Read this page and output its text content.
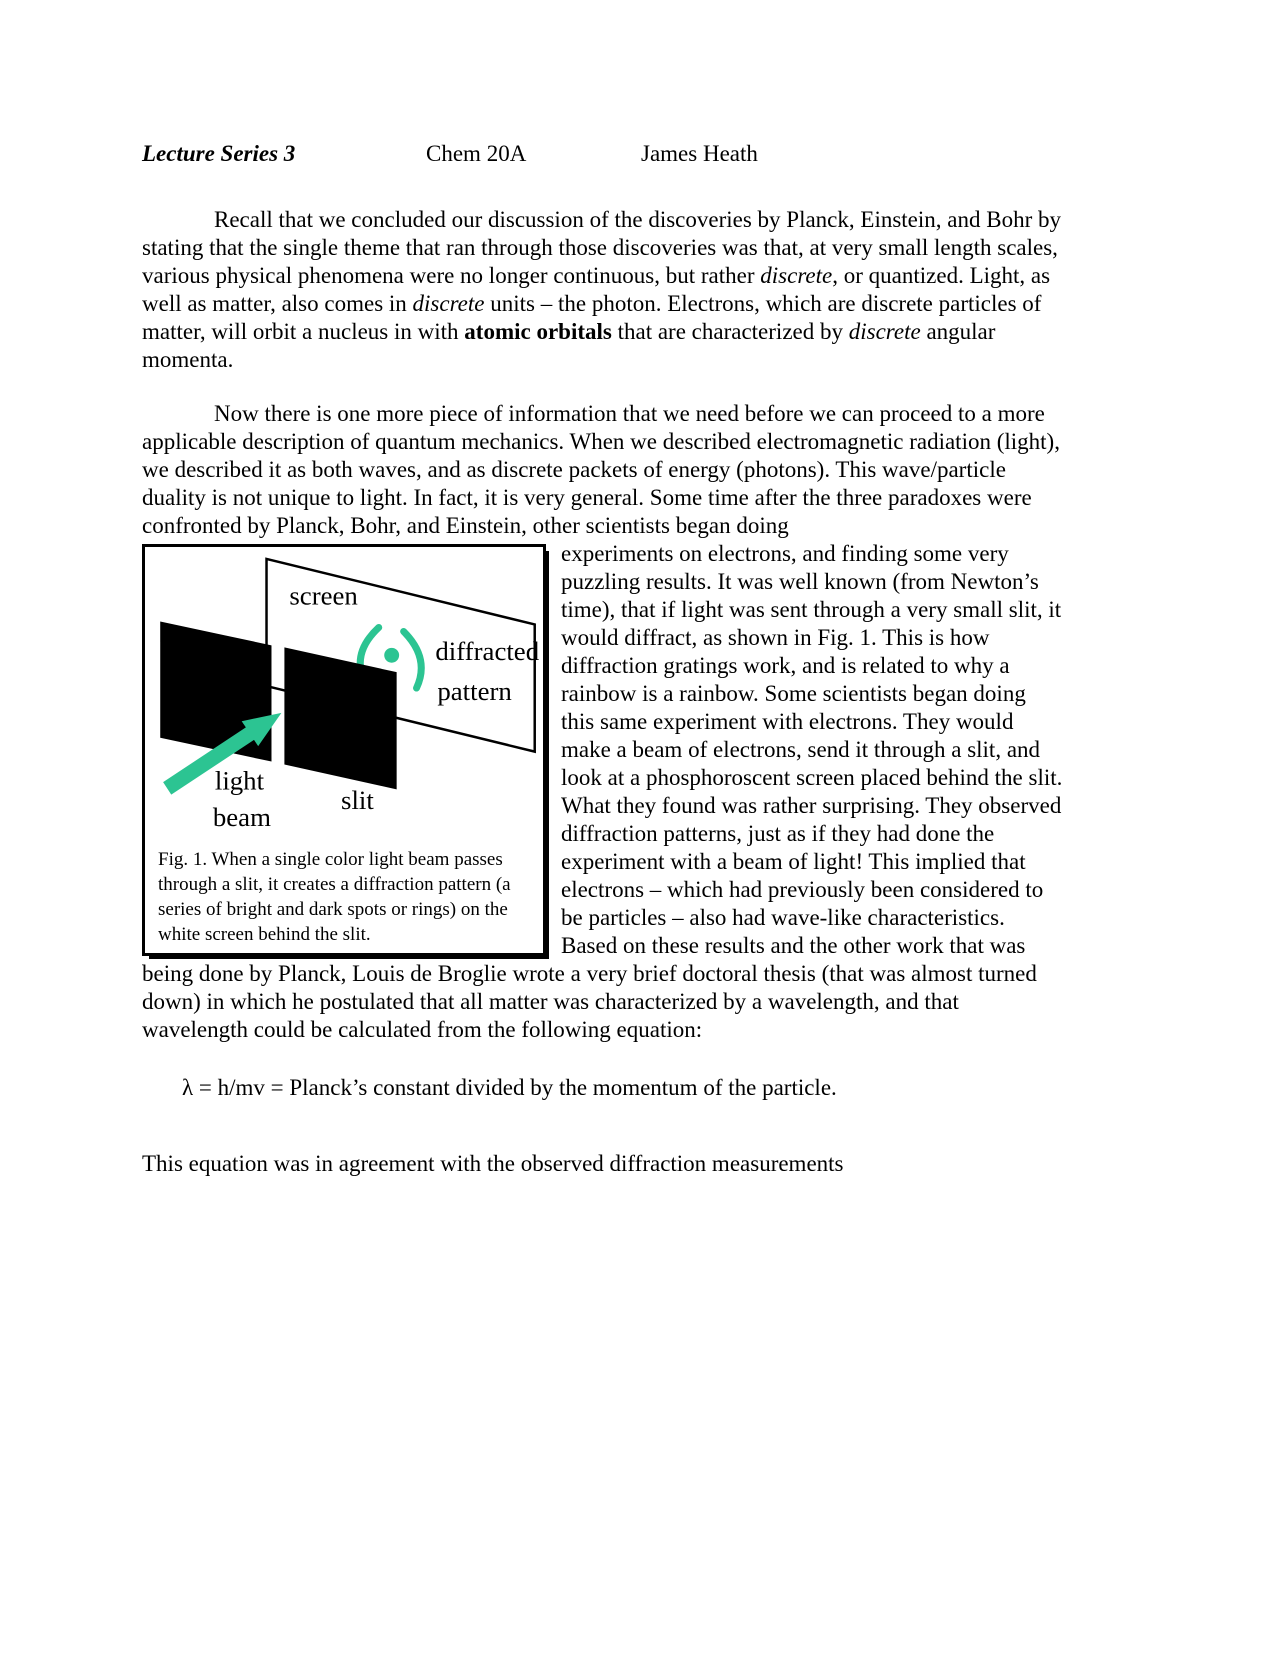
Lecture Series 3	Chem 20A	James Heath

Recall that we concluded our discussion of the discoveries by Planck, Einstein, and Bohr by stating that the single theme that ran through those discoveries was that, at very small length scales, various physical phenomena were no longer continuous, but rather discrete, or quantized. Light, as well as matter, also comes in discrete units – the photon. Electrons, which are discrete particles of matter, will orbit a nucleus in with atomic orbitals that are characterized by discrete angular momenta.

Now there is one more piece of information that we need before we can proceed to a more applicable description of quantum mechanics. When we described electromagnetic radiation (light), we described it as both waves, and as discrete packets of energy (photons). This wave/particle duality is not unique to light. In fact, it is very general. Some time after the three paradoxes were confronted by Planck, Bohr, and Einstein, other scientists began doing

screen
diffracted
pattern
light
beam
slit
Fig. 1. When a single color light beam passes through a slit, it creates a diffraction pattern (a series of bright and dark spots or rings) on the white screen behind the slit.
experiments on electrons, and finding some very puzzling results. It was well known (from Newton’s time), that if light was sent through a very small slit, it would diffract, as shown in Fig. 1. This is how diffraction gratings work, and is related to why a rainbow is a rainbow. Some scientists began doing this same experiment with electrons. They would make a beam of electrons, send it through a slit, and look at a phosphoroscent screen placed behind the slit. What they found was rather surprising. They observed diffraction patterns, just as if they had done the experiment with a beam of light! This implied that electrons – which had previously been considered to be particles – also had wave-like characteristics. Based on these results and the other work that was being done by Planck, Louis de Broglie wrote a very brief doctoral thesis (that was almost turned down) in which he postulated that all matter was characterized by a wavelength, and that wavelength could be calculated from the following equation:

λ = h/mv = Planck’s constant divided by the momentum of the particle.

This equation was in agreement with the observed diffraction measurements
